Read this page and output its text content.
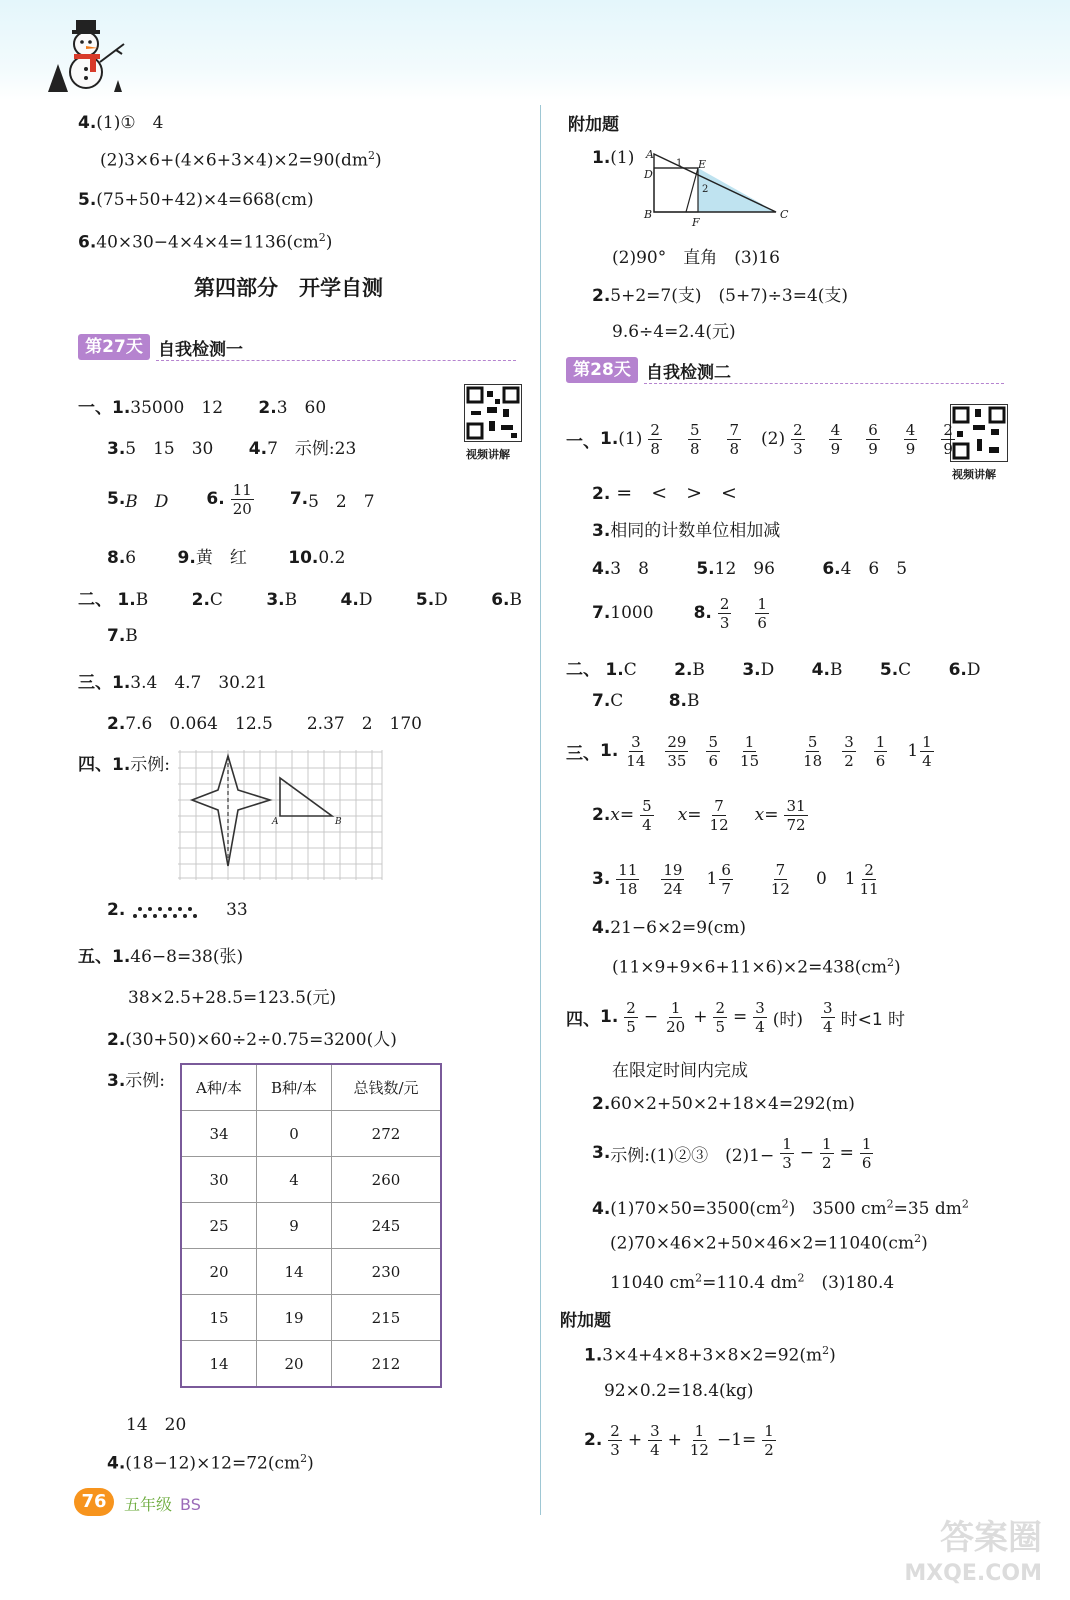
4.(1)①　4
$(2)3\times 6+(4\times 6+3\times 4)\times 2=90(dm^2)$
5.(75+50+42)×4=668(cm)
$6.40\times 30-4\times 4\times 4=1136(cm^2)$
第四部分　开学自测
第27天 自我检测一
视频讲解
一、1.35000　12 2.3　60
3.5　15　30 4.7　示例:23
5. B　D 6. $\frac{11}{20} 7$. 5　2　7
8.6 9.黄　红 10.0.2
二、 1.B	2.C	3.B	4.D	5.D	6.B
7.B
三、1.3.4　4.7　30.21
2.7.6　0.064　12.5　　2.37　2　170
四、1.示例:
A	B
2.	33
五、1.46−8=38(张)
38×2.5+28.5=123.5(元)
2.(30+50)×60÷2÷0.75=3200(人)
3.示例: A种/本	B种/本	总钱数/元
34	0	272
30	4	260
25	9	245
20	14	230
15	19	215
14	20	212
14　20
$4.(18-12)\times 12=72(cm^2)$
附加题
1.(1) A
D
E
B
F
C
1
2
(2)90°　直角　(3)16
2.5+2=7(支)　(5+7)÷3=4(支)
9.6÷4=2.4(元)
第28天 自我检测二
视频讲解
一、 1. $(1) \frac{2}{8} \frac{5}{8} \frac{7}{8} (2) \frac{2}{3} \frac{4}{9} \frac{6}{9} \frac{4}{9} \frac{2}{9}$
2. =　<　>　<
3.相同的计数单位相加减
4.3　8	5.12　96	6.4　6　5
7. 1000 8. $\frac{2}{3} \frac{1}{6}$
二、 1.C 2.B 3.D 4.B 5.C 6.D
7.C	8.B
三、 1. $\frac{3}{14} \frac{29}{35} \frac{5}{6} \frac{1}{15}$	$\frac{5}{18} \frac{3}{2} \frac{1}{6} 1 \frac{1}{4}$
2. $x = \frac{5}{4}$ $x = \frac{7}{12}$ $x = \frac{31}{72}$
3. $\frac{11}{18} \frac{19}{24} 1 \frac{6}{7} \frac{7}{12} 0$ $1 \frac{2}{11}$
4.21−6×2=9(cm)
$(11\times 9+9\times 6+11\times 6)\times 2=438(cm^2)$
四、 1. $\frac{2}{5} - \frac{1}{20} + \frac{2}{5} = \frac{3}{4}$ (时) $\frac{3}{4}$ 时<1 时
在限定时间内完成
2.60×2+50×2+18×4=292(m)
3. 示例:(1)②③　$(2)1- \frac{1}{3} - \frac{1}{2} = \frac{1}{6}$
$4.(1)70\times 50=3500(cm^2)$　3500 $cm^2=35$ $dm^2$
$(2)70\times 46\times 2+50\times 46\times 2=11040(cm^2)$
11040 $cm^2=110.4$ $dm^2$　(3)180.4
附加题
$1.3\times 4+4\times 8+3\times 8\times 2=92(m^2)$
92×0.2=18.4(kg)
2. $\frac{2}{3} + \frac{3}{4} + \frac{1}{12} -1= \frac{1}{2}$
76	五年级 BS
答案圈
MXQE.COM
